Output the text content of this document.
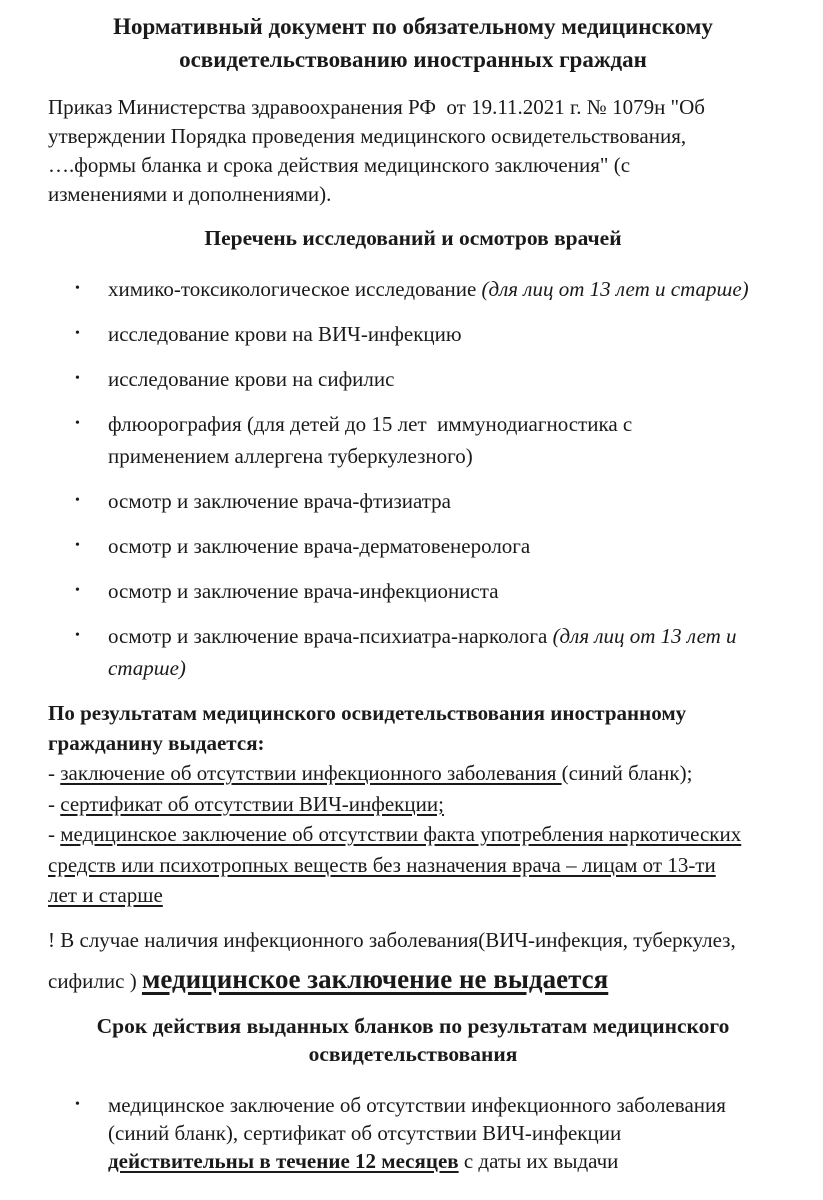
Нормативный документ по обязательному медицинскому
освидетельствованию иностранных граждан

Приказ Министерства здравоохранения РФ  от 19.11.2021 г. № 1079н "Об
утверждении Порядка проведения медицинского освидетельствования,
….формы бланка и срока действия медицинского заключения" (с
изменениями и дополнениями).

Перечень исследований и осмотров врачей
•	химико-токсикологическое исследование (для лиц от 13 лет и старше)
•	исследование крови на ВИЧ-инфекцию
•	исследование крови на сифилис
•	флюорография (для детей до 15 лет  иммунодиагностика с
применением аллергена туберкулезного)
•	осмотр и заключение врача-фтизиатра
•	осмотр и заключение врача-дерматовенеролога
•	осмотр и заключение врача-инфекциониста
•	осмотр и заключение врача-психиатра-нарколога (для лиц от 13 лет и
старше)

По результатам медицинского освидетельствования иностранному
гражданину выдается:

- заключение об отсутствии инфекционного заболевания (синий бланк);
- сертификат об отсутствии ВИЧ-инфекции;
- медицинское заключение об отсутствии факта употребления наркотических
средств или психотропных веществ без назначения врача – лицам от 13-ти
лет и старше

! В случае наличия инфекционного заболевания(ВИЧ-инфекция, туберкулез,
сифилис ) медицинское заключение не выдается

Срок действия выданных бланков по результатам медицинского
освидетельствования
•	медицинское заключение об отсутствии инфекционного заболевания
(синий бланк), сертификат об отсутствии ВИЧ-инфекции
действительны в течение 12 месяцев с даты их выдачи
